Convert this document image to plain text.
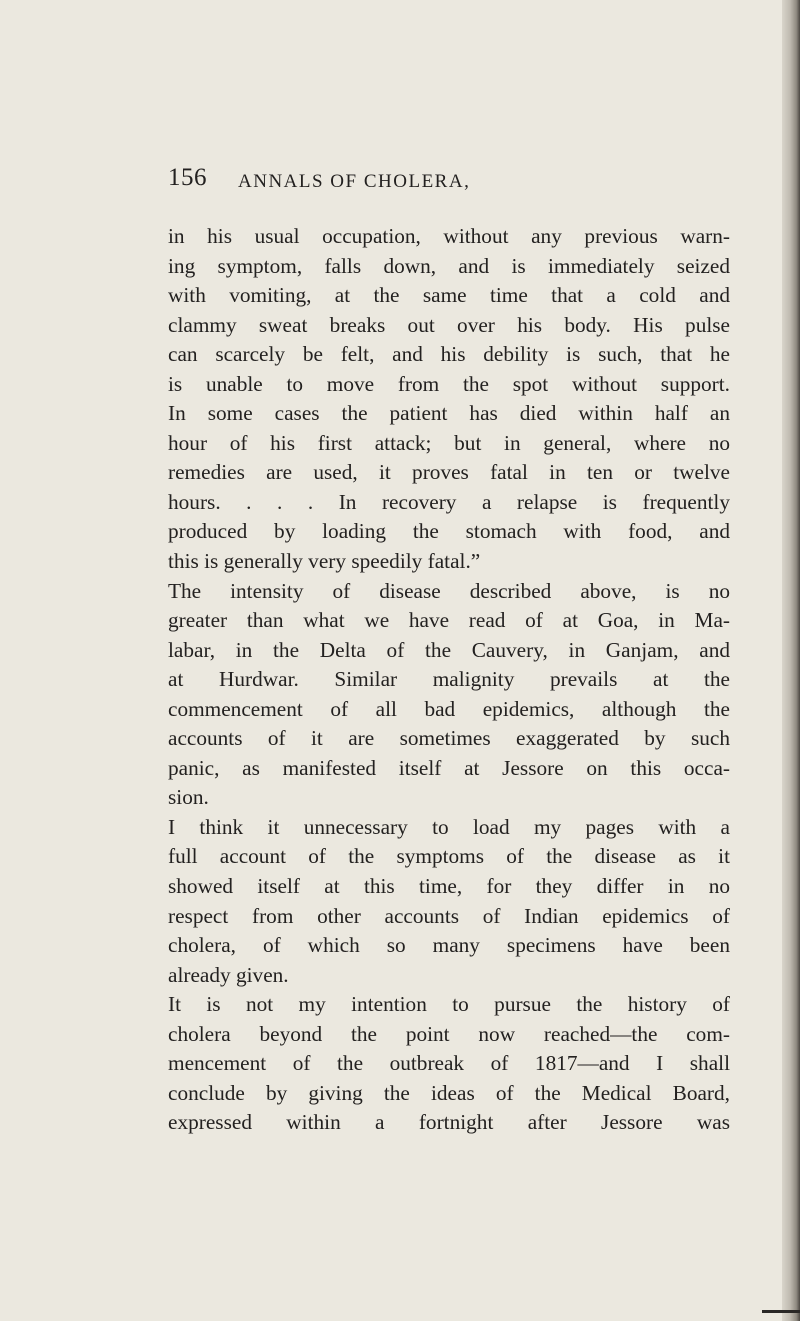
156 ANNALS OF CHOLERA,
in his usual occupation, without any previous warn-
ing symptom, falls down, and is immediately seized
with vomiting, at the same time that a cold and
clammy sweat breaks out over his body. His pulse
can scarcely be felt, and his debility is such, that he
is unable to move from the spot without support.
In some cases the patient has died within half an
hour of his first attack; but in general, where no
remedies are used, it proves fatal in ten or twelve
hours. . . . In recovery a relapse is frequently
produced by loading the stomach with food, and
this is generally very speedily fatal.”
The intensity of disease described above, is no
greater than what we have read of at Goa, in Ma-
labar, in the Delta of the Cauvery, in Ganjam, and
at Hurdwar. Similar malignity prevails at the
commencement of all bad epidemics, although the
accounts of it are sometimes exaggerated by such
panic, as manifested itself at Jessore on this occa-
sion.
I think it unnecessary to load my pages with a
full account of the symptoms of the disease as it
showed itself at this time, for they differ in no
respect from other accounts of Indian epidemics of
cholera, of which so many specimens have been
already given.
It is not my intention to pursue the history of
cholera beyond the point now reached—the com-
mencement of the outbreak of 1817—and I shall
conclude by giving the ideas of the Medical Board,
expressed within a fortnight after Jessore was
